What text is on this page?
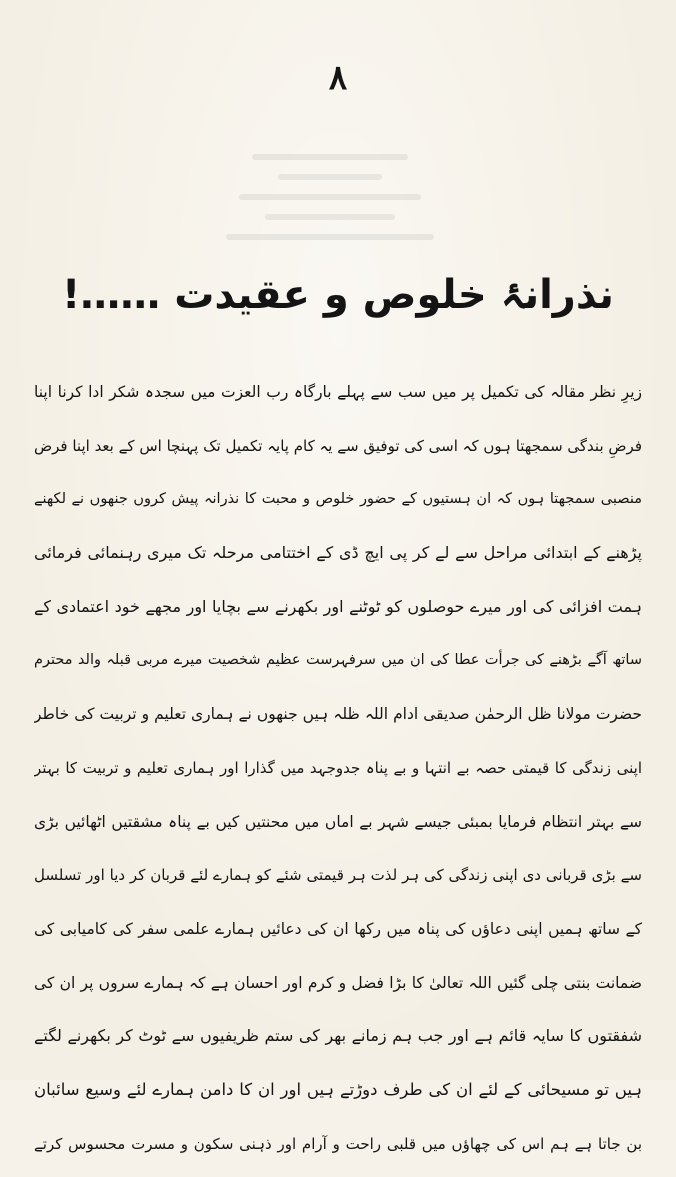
۸
نذرانۂ خلوص و عقیدت ……!
زیرِ نظر مقالہ کی تکمیل پر میں سب سے پہلے بارگاہ رب العزت میں سجدہ شکر ادا کرنا اپنا
فرضِ بندگی سمجھتا ہوں کہ اسی کی توفیق سے یہ کام پایہ تکمیل تک پہنچا اس کے بعد اپنا فرض
منصبی سمجھتا ہوں کہ ان ہستیوں کے حضور خلوص و محبت کا نذرانہ پیش کروں جنھوں نے لکھنے
پڑھنے کے ابتدائی مراحل سے لے کر پی ایچ ڈی کے اختتامی مرحلہ تک میری رہنمائی فرمائی
ہمت افزائی کی اور میرے حوصلوں کو ٹوٹنے اور بکھرنے سے بچایا اور مجھے خود اعتمادی کے
ساتھ آگے بڑھنے کی جرأت عطا کی ان میں سرفہرست عظیم شخصیت میرے مربی قبلہ والد محترم
حضرت مولانا ظل الرحمٰن صدیقی ادام اللہ ظلہ ہیں جنھوں نے ہماری تعلیم و تربیت کی خاطر
اپنی زندگی کا قیمتی حصہ بے انتہا و بے پناہ جدوجہد میں گذارا اور ہماری تعلیم و تربیت کا بہتر
سے بہتر انتظام فرمایا بمبئی جیسے شہر بے اماں میں محنتیں کیں بے پناہ مشقتیں اٹھائیں بڑی
سے بڑی قربانی دی اپنی زندگی کی ہر لذت ہر قیمتی شئے کو ہمارے لئے قربان کر دیا اور تسلسل
کے ساتھ ہمیں اپنی دعاؤں کی پناہ میں رکھا ان کی دعائیں ہمارے علمی سفر کی کامیابی کی
ضمانت بنتی چلی گئیں اللہ تعالیٰ کا بڑا فضل و کرم اور احسان ہے کہ ہمارے سروں پر ان کی
شفقتوں کا سایہ قائم ہے اور جب ہم زمانے بھر کی ستم ظریفیوں سے ٹوٹ کر بکھرنے لگتے
ہیں تو مسیحائی کے لئے ان کی طرف دوڑتے ہیں اور ان کا دامن ہمارے لئے وسیع سائبان
بن جاتا ہے ہم اس کی چھاؤں میں قلبی راحت و آرام اور ذہنی سکون و مسرت محسوس کرتے
